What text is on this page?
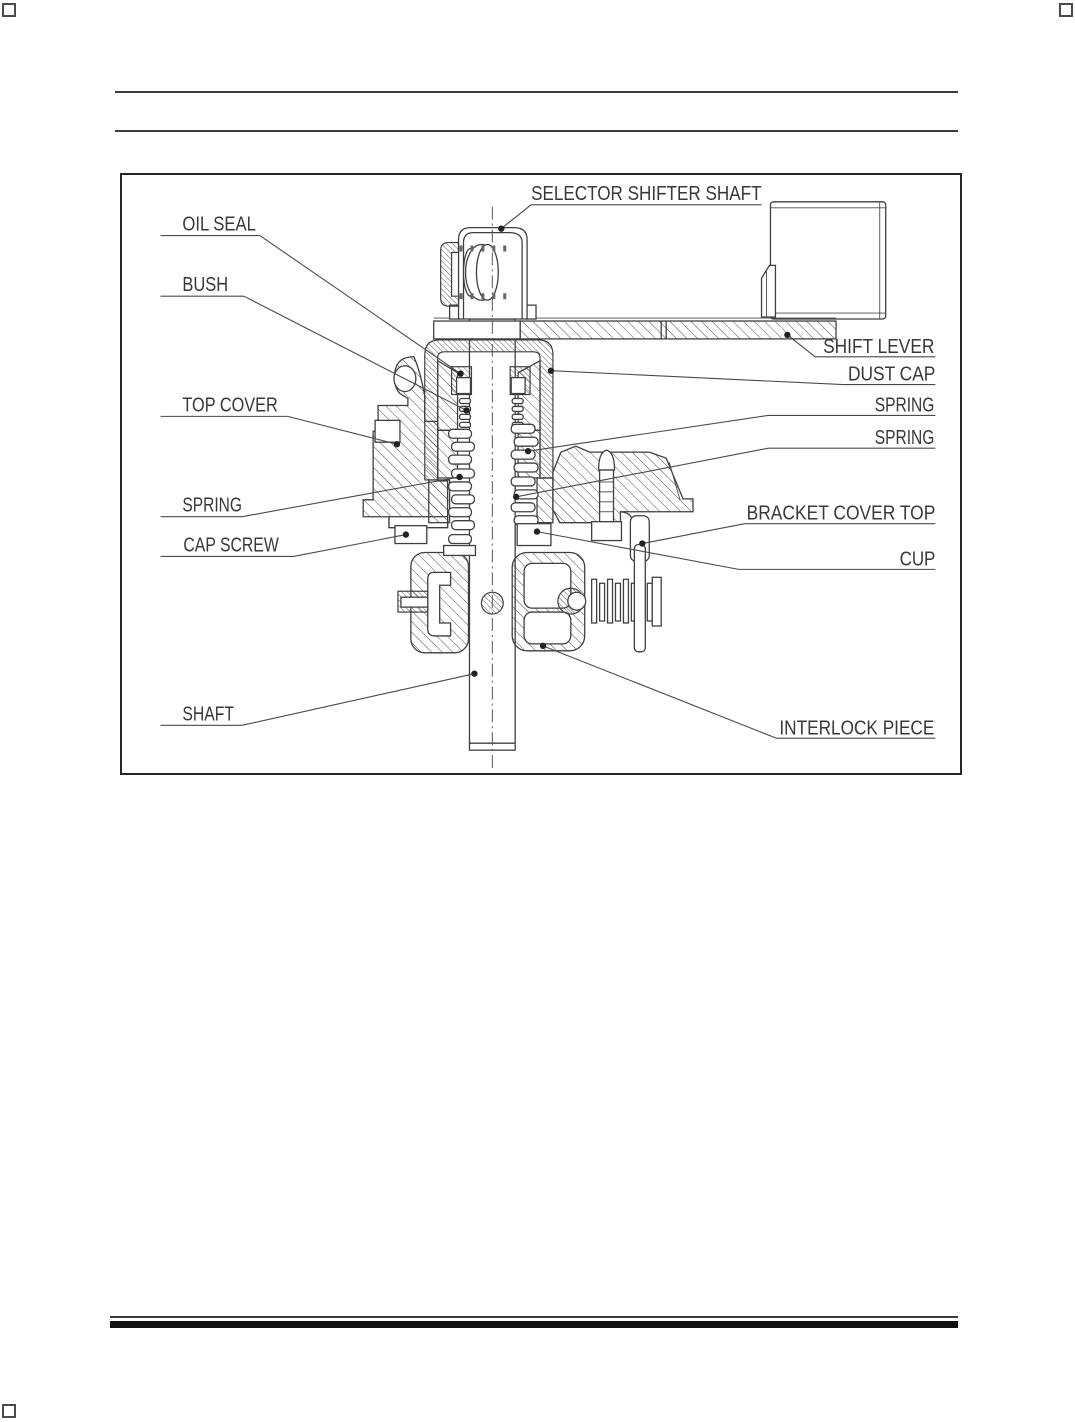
SELECTOR SHIFTER SHAFT
OIL SEAL
BUSH
TOP COVER
SPRING
CAP SCREW
SHAFT
SHIFT LEVER
DUST CAP
SPRING
SPRING
BRACKET COVER TOP
CUP
INTERLOCK PIECE
